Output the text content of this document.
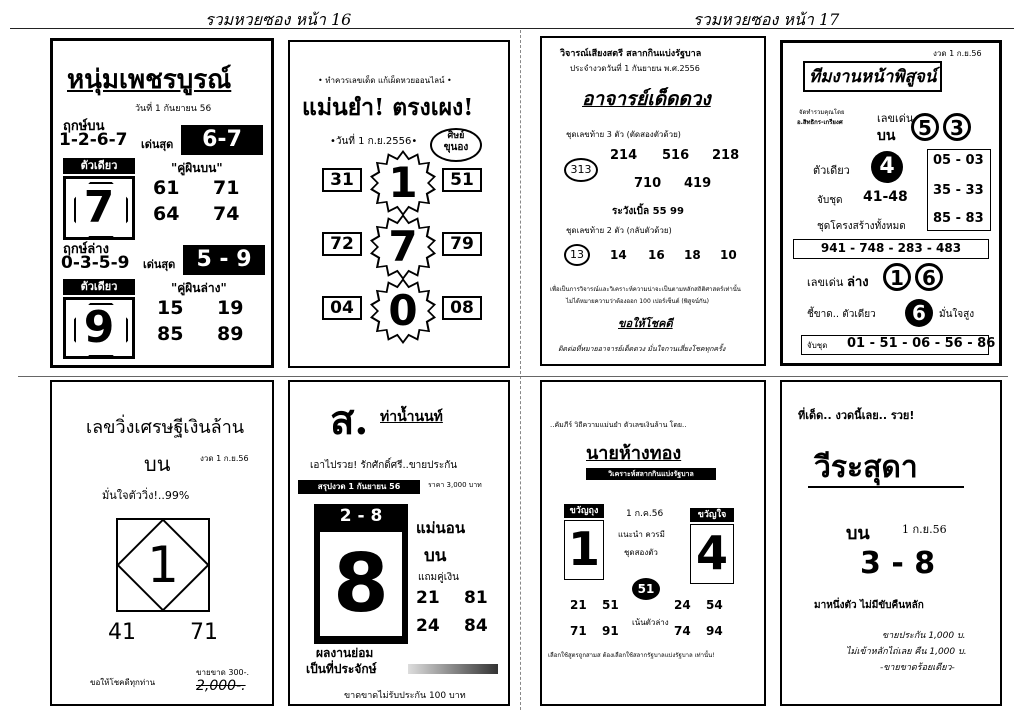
รวมหวยซอง หน้า 16	รวมหวยซอง หน้า 17
หนุ่มเพชรบูรณ์
วันที่ 1 กันยายน 56
ฤกษ์บน
1-2-6-7 เด่นสุด	6-7
ตัวเดียว
7
"คู่ผินบน"
61 71
64 74
ฤกษ์ล่าง
0-3-5-9 เด่นสุด 5 - 9
ตัวเดียว
9
"คู่ผินล่าง"
15 19
85 89
• ทำควรเลขเด็ด แก้เผ็ดหวยออนไลน์ •
แม่นยำ! ตรงเผง!
•วันที่ 1 ก.ย.2556•	ศิษย์
ขุนอง
31 1	51
72 7	79
04 0	08
วิจารณ์เสียงสตรี สลากกินแบ่งรัฐบาล
ประจำงวดวันที่ 1 กันยายน พ.ศ.2556
อาจารย์เด็ดดวง
ชุดเลขท้าย 3 ตัว (ตัดสองตัวด้วย)
313
214 516 218
710 419
ระวังเบิ้ล 55 99
ชุดเลขท้าย 2 ตัว (กลับตัวด้วย)
13	14 16 18 10
เพื่อเป็นการวิจารณ์และวิเคราะห์ความน่าจะเป็นตามหลักสถิติศาสตร์เท่านั้น
ไม่ได้หมายความว่าต้องออก 100 เปอร์เซ็นต์ (พิสูจน์กัน)
ขอให้โชคดี
ติดต่อที่หมายอาจารย์เด็ดดวง มั่นใจกานเสี่ยงโชคทุกครั้ง
งวด 1 ก.ย.56
ทีมงานหน้าพิสูจน์
จัดทำรวมคุณโดย
อ.สิทธิกร-เกรียงศ	เลขเด่น
บน	5 3
ตัวเดียว	4	05 - 03
35 - 33
85 - 83
จับชุด 41-48
ชุดโครงสร้างทั้งหมด
941 - 748 - 283 - 483
เลขเด่น ล่าง	1 6
ชี้ขาด.. ตัวเดียว	6	มั่นใจสูง
จับชุด 01 - 51 - 06 - 56 - 86
เลขวิ่งเศรษฐีเงินล้าน
บน	งวด 1 ก.ย.56
มั่นใจตัววิ่ง!..99%
1
41 71
ขอให้โชคดีทุกท่าน
ขายขาด 300-.
2,000-.
ส. ท่าน้ำนนท์
เอาไปรวย! รักศักดิ์ศรี..ขายประกัน
สรุปงวด 1 กันยายน 56	ราคา 3,000 บาท
2 - 8
8
แม่นอน
บน
แถมคู่เงิน
21 81
24 84
ผลงานย่อม
เป็นที่ประจักษ์
ขาดขาดไม่รับประกัน 100 บาท
..คัมภีร์ วิถีความแม่นยำ ตัวเลขเงินล้าน โดย..
นายห้างทอง
วิเคราะห์สลากกินแบ่งรัฐบาล
ขวัญถุง
1
ขวัญใจ
4
1 ก.ค.56
แนะนำ ควรมี
ชุดสองตัว
51
21 51
71 91
24 54
74 94
เน้นตัวล่าง
เลือกใช้สูตรถูกสามส ต้องเลือกใช้สลากรัฐบาลแบ่งรัฐบาล เท่านั้น!
ที่เด็ด.. งวดนี้เลย.. รวย!
วีระสุดา
บน	1 ก.ย.56
3 - 8
มาหนึ่งตัว ไม่มีขับคืนหลัก
ขายประกัน 1,000 บ.
ไม่เข้าหลักไถ่เลย คืน 1,000 บ.
-ขายขาดร้อยเดียว-
